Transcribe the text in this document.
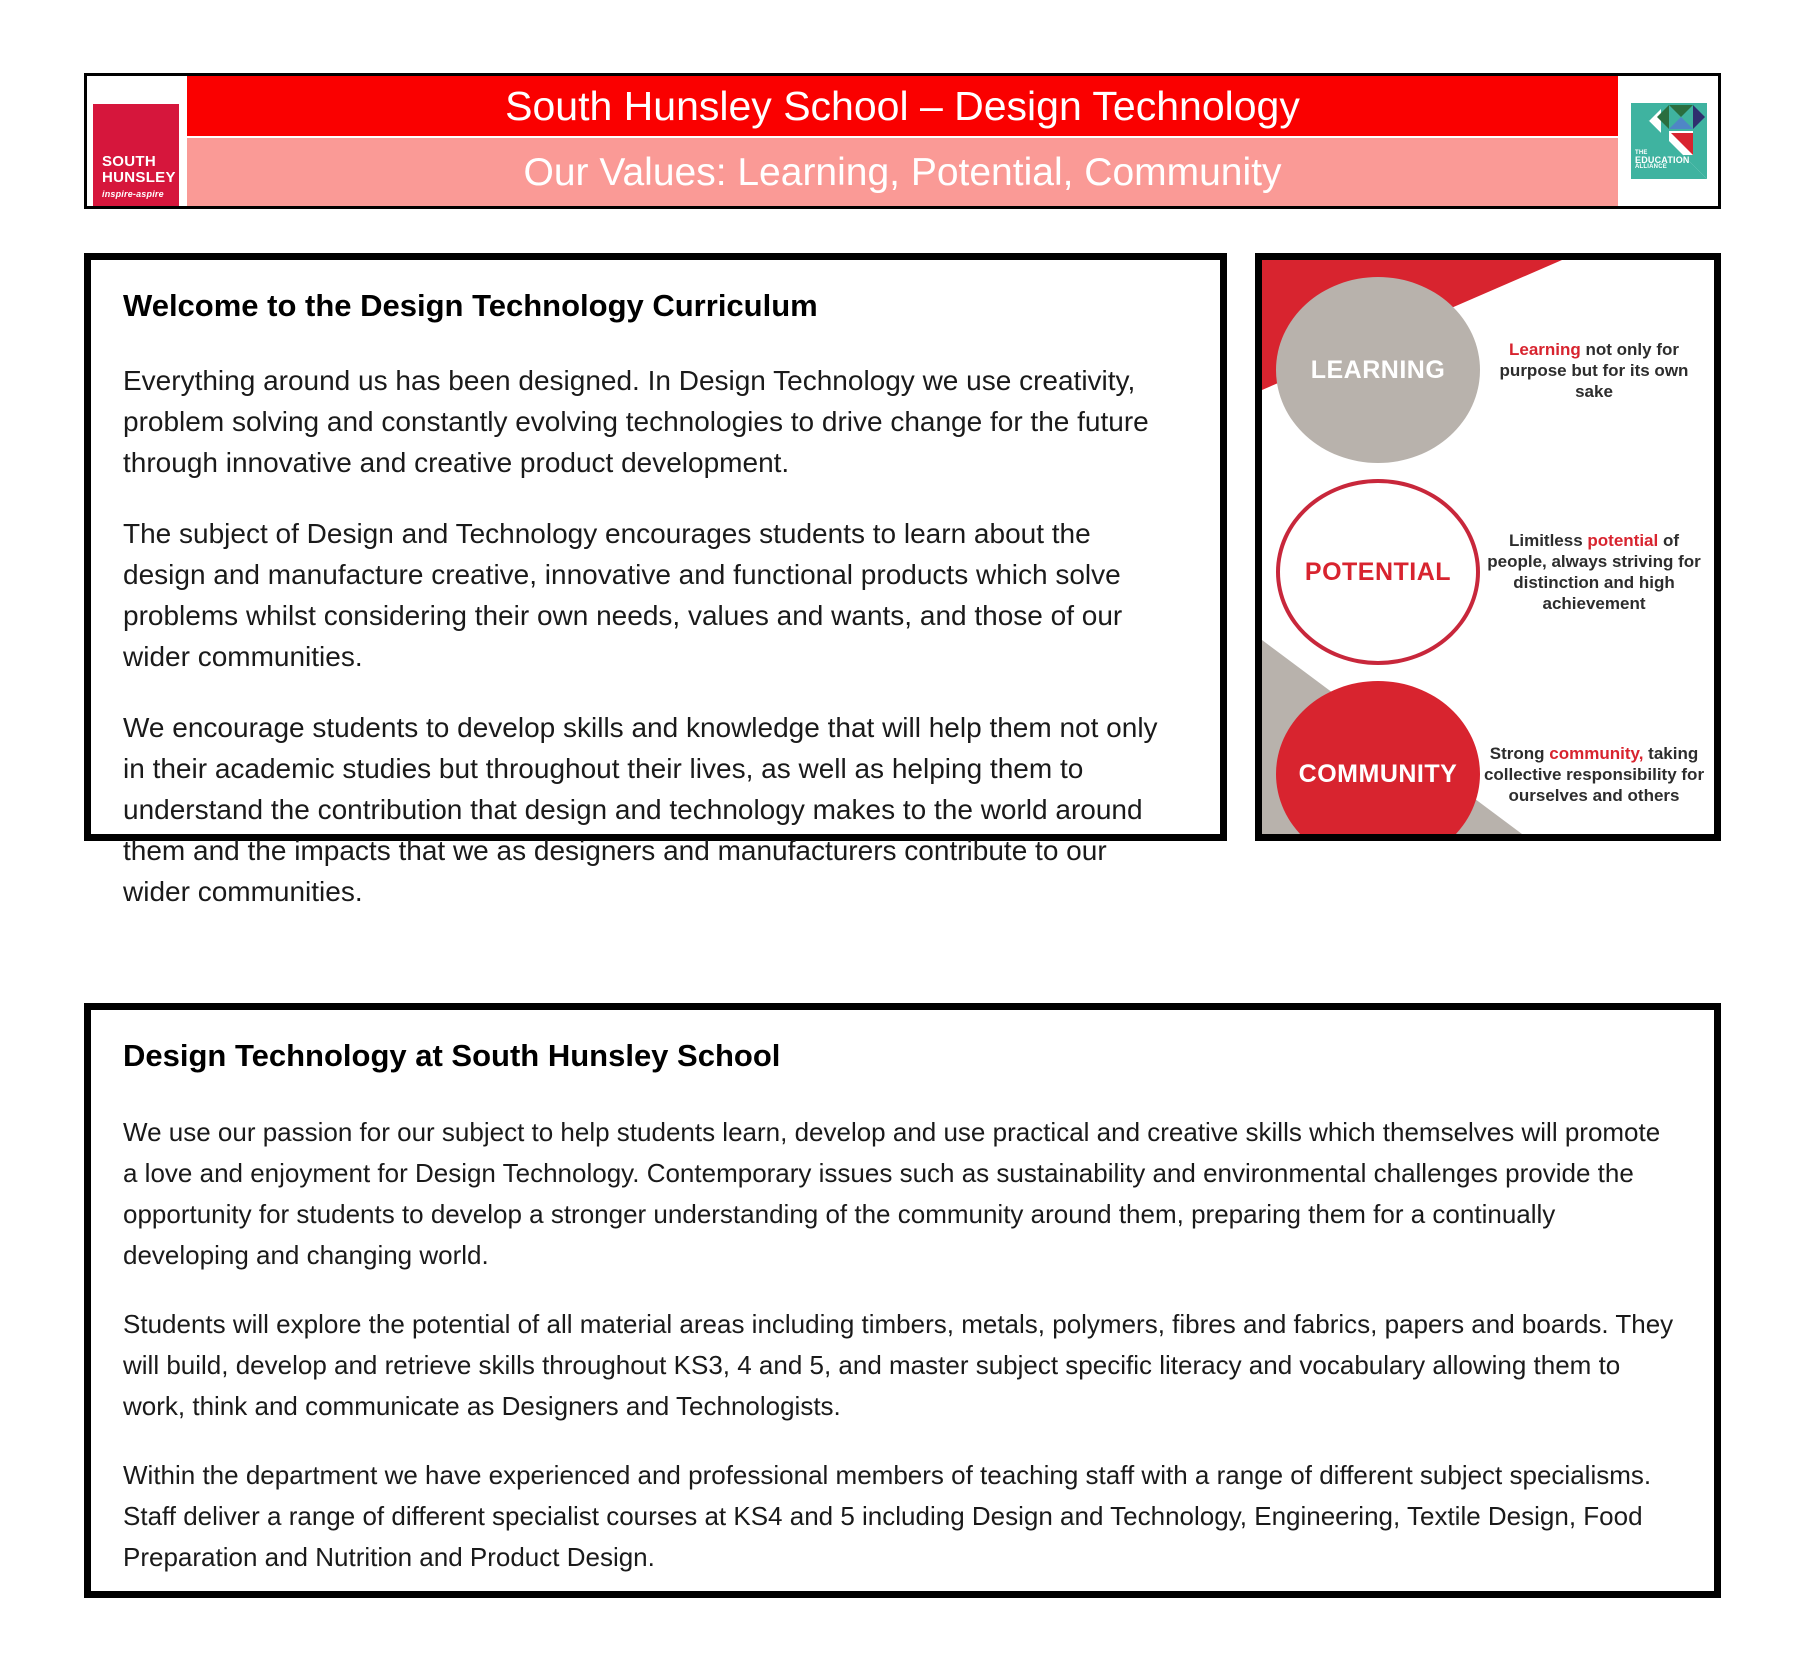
SOUTH
HUNSLEY
inspire-aspire
South Hunsley School – Design Technology
Our Values: Learning, Potential, Community	THE
EDUCATION
ALLIANCE
Welcome to the Design Technology Curriculum

Everything around us has been designed. In Design Technology we use creativity, problem solving and constantly evolving technologies to drive change for the future through innovative and creative product development.

The subject of Design and Technology encourages students to learn about the design and manufacture creative, innovative and functional products which solve problems whilst considering their own needs, values and wants, and those of our wider communities.

We encourage students to develop skills and knowledge that will help them not only in their academic studies but throughout their lives, as well as helping them to understand the contribution that design and technology makes to the world around them and the impacts that we as designers and manufacturers contribute to our wider communities.

LEARNING
Learning not only for purpose but for its own sake
POTENTIAL
Limitless potential of people, always striving for distinction and high achievement
COMMUNITY
Strong community, taking collective responsibility for ourselves and others
Design Technology at South Hunsley School

We use our passion for our subject to help students learn, develop and use practical and creative skills which themselves will promote a love and enjoyment for Design Technology. Contemporary issues such as sustainability and environmental challenges provide the opportunity for students to develop a stronger understanding of the community around them, preparing them for a continually developing and changing world.

Students will explore the potential of all material areas including timbers, metals, polymers, fibres and fabrics, papers and boards. They will build, develop and retrieve skills throughout KS3, 4 and 5, and master subject specific literacy and vocabulary allowing them to work, think and communicate as Designers and Technologists.

Within the department we have experienced and professional members of teaching staff with a range of different subject specialisms. Staff deliver a range of different specialist courses at KS4 and 5 including Design and Technology, Engineering, Textile Design, Food Preparation and Nutrition and Product Design.
